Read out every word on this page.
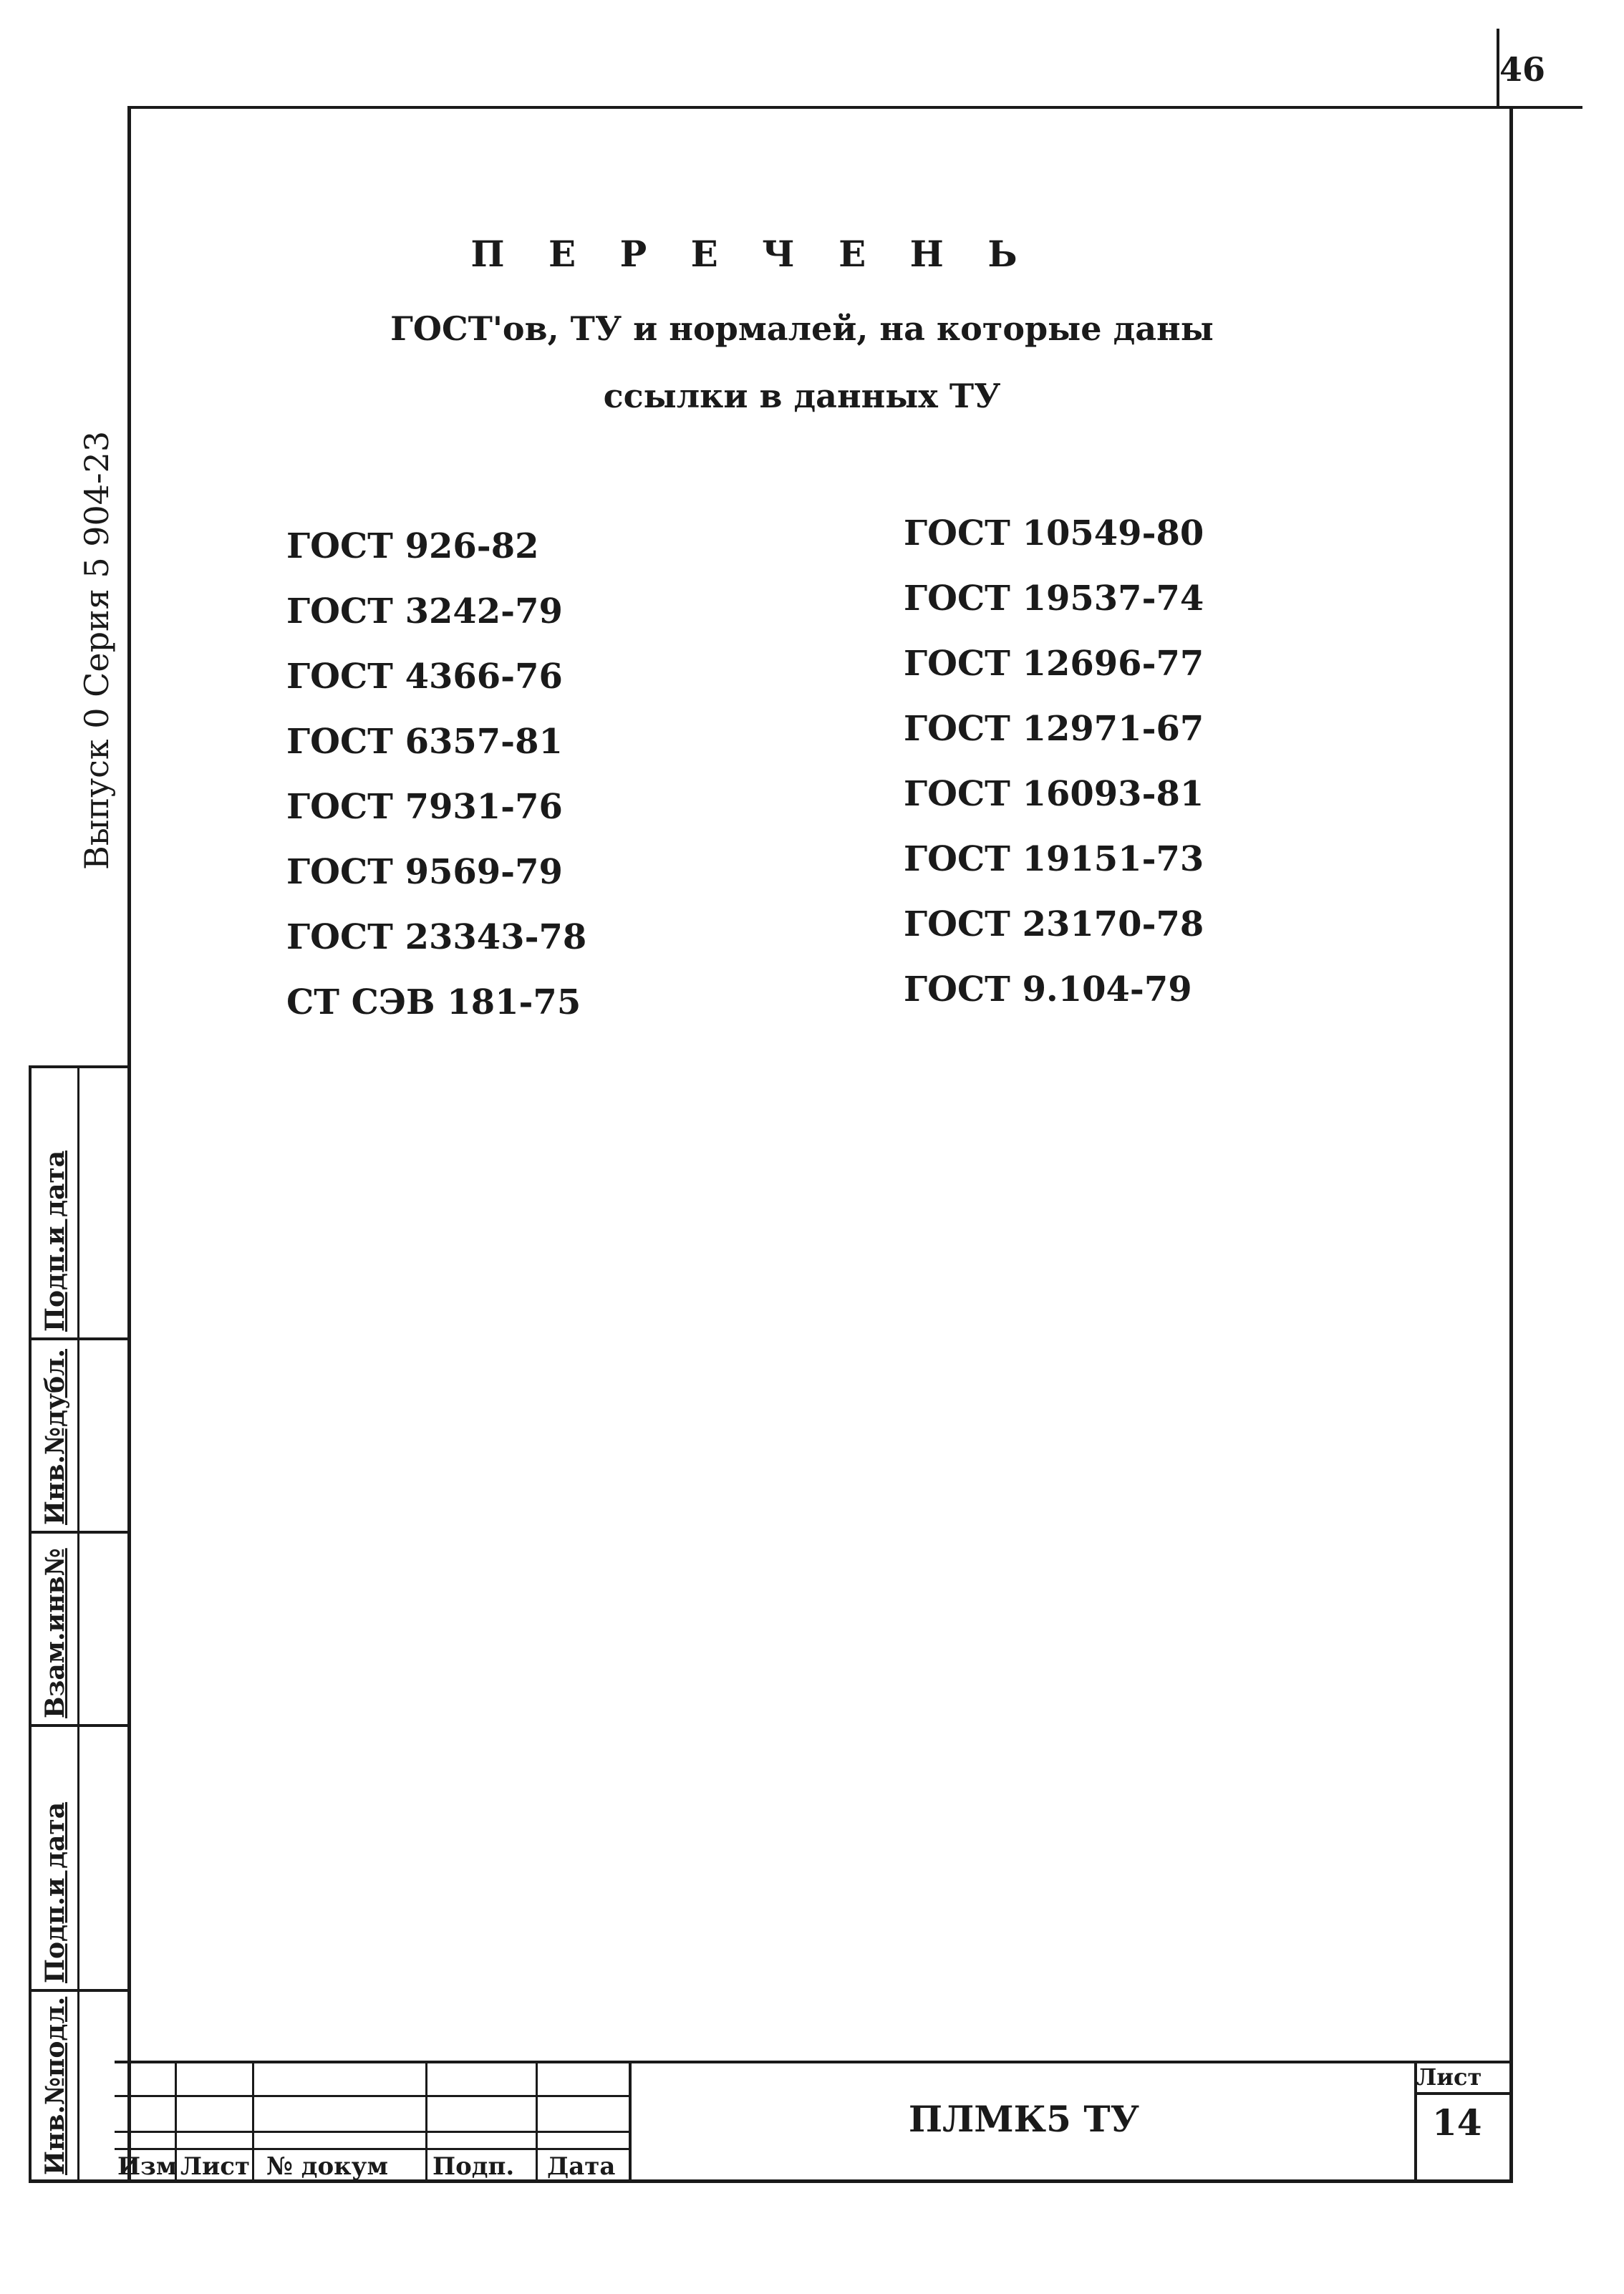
46
П Е Р Е Ч Е Н Ь
ГОСТ'ов, ТУ и нормалей, на которые даны
ссылки в данных ТУ
ГОСТ 926-82
ГОСТ 3242-79
ГОСТ 4366-76
ГОСТ 6357-81
ГОСТ 7931-76
ГОСТ 9569-79
ГОСТ 23343-78
СТ СЭВ 181-75
ГОСТ 10549-80
ГОСТ 19537-74
ГОСТ 12696-77
ГОСТ 12971-67
ГОСТ 16093-81
ГОСТ 19151-73
ГОСТ 23170-78
ГОСТ 9.104-79
Выпуск 0 Серия 5 904-23
Инв.№подл.
Подп.и дата
Взам.инв№
Инв.№дубл.
Подп.и дата
Изм Лист № докум Подп. Дата
ПЛМК5 ТУ
Лист
14
